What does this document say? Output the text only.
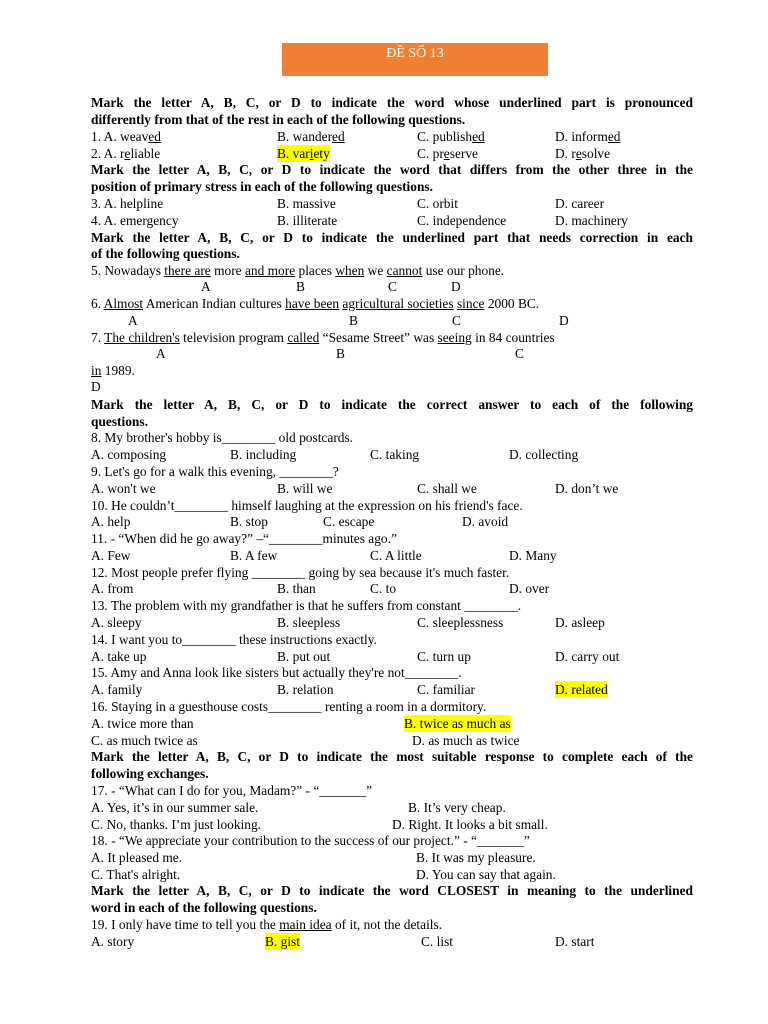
ĐỀ SỐ 13
Mark the letter A, B, C, or D to indicate the word whose underlined part is pronounced
differently from that of the rest in each of the following questions.

1. A. weaved

	B. wandered

	C. published

	D. informed

2. A. reliable

	B. variety

	C. preserve

	D. resolve

Mark the letter A, B, C, or D to indicate the word that differs from the other three in the
position of primary stress in each of the following questions.

3. A. helpline

	B. massive

	C. orbit

	D. career

4. A. emergency

	B. illiterate

	C. independence

	D. machinery

Mark the letter A, B, C, or D to indicate the underlined part that needs correction in each
of the following questions.
5. Nowadays there are more and more places when we cannot use our phone.

A

	B

	C

	D

6. Almost American Indian cultures have been agricultural societies since 2000 BC.

A

	B

	C

	D

7. The children's television program called “Sesame Street” was seeing in 84 countries

A

	B

	C

in 1989.
D
Mark the letter A, B, C, or D to indicate the correct answer to each of the following
questions.
8. My brother's hobby is________ old postcards.

A. composing

	B. including

	C. taking

	D. collecting

9. Let's go for a walk this evening, ________?

A. won't we

	B. will we

	C. shall we

	D. don’t we

10. He couldn’t________ himself laughing at the expression on his friend's face.

A. help

	B. stop

	C. escape

	D. avoid

11. - “When did he go away?” –“________minutes ago.”

A. Few

	B. A few

	C. A little

	D. Many

12. Most people prefer flying ________ going by sea because it's much faster.

A. from

	B. than

	C. to

	D. over

13. The problem with my grandfather is that he suffers from constant ________.

A. sleepy

	B. sleepless

	C. sleeplessness

	D. asleep

14. I want you to________ these instructions exactly.

A. take up

	B. put out

	C. turn up

	D. carry out

15. Amy and Anna look like sisters but actually they're not________.

A. family

	B. relation

	C. familiar

	D. related

16. Staying in a guesthouse costs________ renting a room in a dormitory.

A. twice more than

	B. twice as much as

C. as much twice as

	D. as much as twice

Mark the letter A, B, C, or D to indicate the most suitable response to complete each of the
following exchanges.
17. - “What can I do for you, Madam?” - “_______”

A. Yes, it’s in our summer sale.

	B. It’s very cheap.

C. No, thanks. I’m just looking.

	D. Right. It looks a bit small.

18. - “We appreciate your contribution to the success of our project.” - “_______”

A. It pleased me.

	B. It was my pleasure.

C. That's alright.

	D. You can say that again.

Mark the letter A, B, C, or D to indicate the word CLOSEST in meaning to the underlined
word in each of the following questions.
19. I only have time to tell you the main idea of it, not the details.

A. story

	B. gist

	C. list

	D. start
